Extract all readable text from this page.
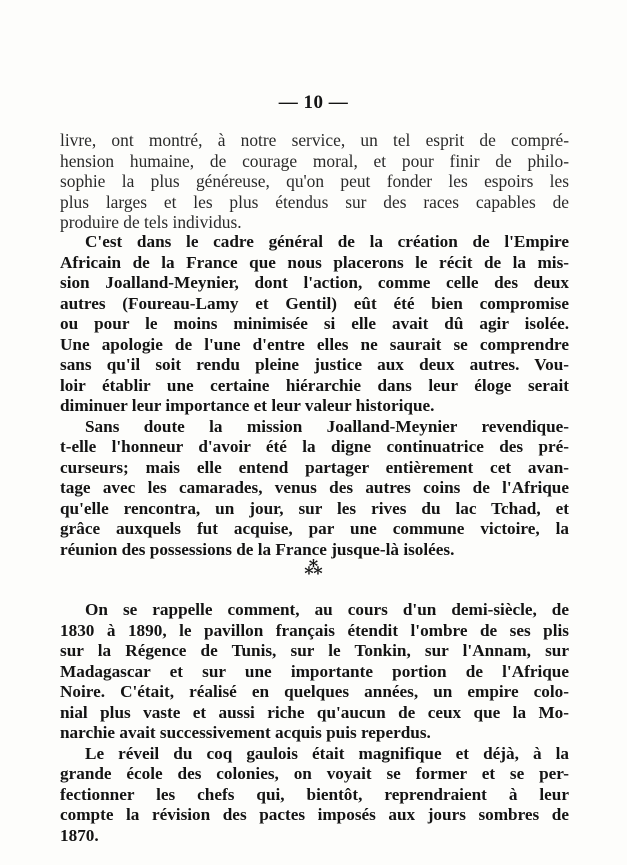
— 10 —
livre, ont montré, à notre service, un tel esprit de compré-
hension humaine, de courage moral, et pour finir de philo-
sophie la plus généreuse, qu'on peut fonder les espoirs les
plus larges et les plus étendus sur des races capables de
produire de tels individus.
C'est dans le cadre général de la création de l'Empire
Africain de la France que nous placerons le récit de la mis-
sion Joalland-Meynier, dont l'action, comme celle des deux
autres (Foureau-Lamy et Gentil) eût été bien compromise
ou pour le moins minimisée si elle avait dû agir isolée.
Une apologie de l'une d'entre elles ne saurait se comprendre
sans qu'il soit rendu pleine justice aux deux autres. Vou-
loir établir une certaine hiérarchie dans leur éloge serait
diminuer leur importance et leur valeur historique.
Sans doute la mission Joalland-Meynier revendique-
t-elle l'honneur d'avoir été la digne continuatrice des pré-
curseurs; mais elle entend partager entièrement cet avan-
tage avec les camarades, venus des autres coins de l'Afrique
qu'elle rencontra, un jour, sur les rives du lac Tchad, et
grâce auxquels fut acquise, par une commune victoire, la
réunion des possessions de la France jusque-là isolées.
⁂
On se rappelle comment, au cours d'un demi-siècle, de
1830 à 1890, le pavillon français étendit l'ombre de ses plis
sur la Régence de Tunis, sur le Tonkin, sur l'Annam, sur
Madagascar et sur une importante portion de l'Afrique
Noire. C'était, réalisé en quelques années, un empire colo-
nial plus vaste et aussi riche qu'aucun de ceux que la Mo-
narchie avait successivement acquis puis reperdus.
Le réveil du coq gaulois était magnifique et déjà, à la
grande école des colonies, on voyait se former et se per-
fectionner les chefs qui, bientôt, reprendraient à leur
compte la révision des pactes imposés aux jours sombres de
1870.
